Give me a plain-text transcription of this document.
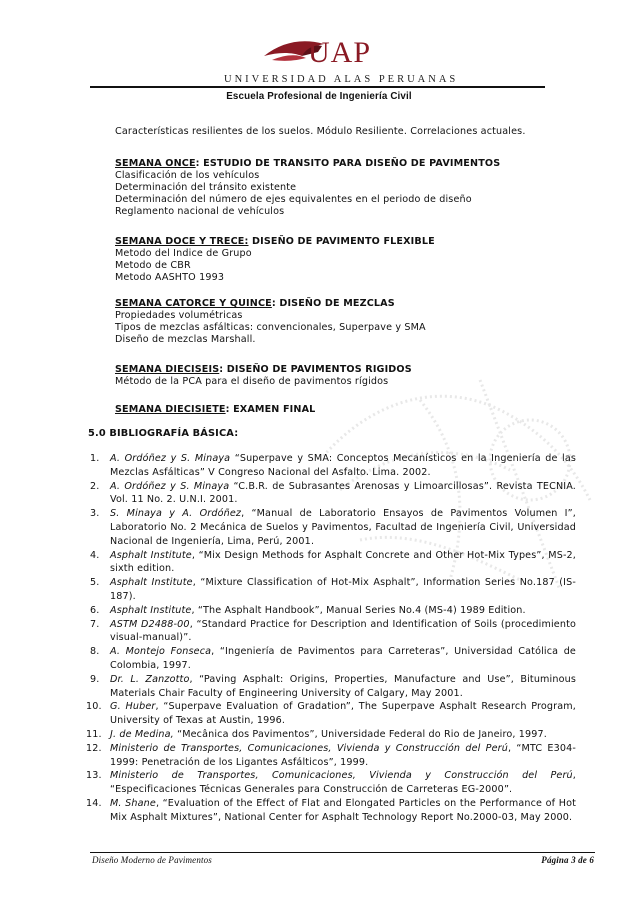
UAP
UNIVERSIDAD ALAS PERUANAS
Escuela Profesional de Ingeniería Civil
Características resilientes de los suelos. Módulo Resiliente. Correlaciones actuales.
SEMANA ONCE: ESTUDIO DE TRANSITO PARA DISEÑO DE PAVIMENTOS
Clasificación de los vehículos
Determinación del tránsito existente
Determinación del número de ejes equivalentes en el periodo de diseño
Reglamento nacional de vehículos
SEMANA DOCE Y TRECE: DISEÑO DE PAVIMENTO FLEXIBLE
Metodo del Indice de Grupo
Metodo de CBR
Metodo AASHTO 1993
SEMANA CATORCE Y QUINCE: DISEÑO DE MEZCLAS
Propiedades volumétricas
Tipos de mezclas asfálticas: convencionales, Superpave y SMA
Diseño de mezclas Marshall.
SEMANA DIECISEIS: DISEÑO DE PAVIMENTOS RIGIDOS
Método de la PCA para el diseño de pavimentos rígidos
SEMANA DIECISIETE: EXAMEN FINAL
5.0 BIBLIOGRAFÍA BÁSICA:
1.	A. Ordóñez y S. Minaya “Superpave y SMA: Conceptos Mecanísticos en la Ingeniería de las Mezclas Asfálticas” V Congreso Nacional del Asfalto. Lima. 2002.
2.	A. Ordóñez y S. Minaya “C.B.R. de Subrasantes Arenosas y Limoarcillosas”. Revista TECNIA. Vol. 11 No. 2. U.N.I. 2001.
3.	S. Minaya y A. Ordóñez, “Manual de Laboratorio Ensayos de Pavimentos Volumen I”, Laboratorio No. 2 Mecánica de Suelos y Pavimentos, Facultad de Ingeniería Civil, Universidad Nacional de Ingeniería, Lima, Perú, 2001.
4.	Asphalt Institute, “Mix Design Methods for Asphalt Concrete and Other Hot-Mix Types”, MS-2, sixth edition.
5.	Asphalt Institute, “Mixture Classification of Hot-Mix Asphalt”, Information Series No.187 (IS-187).
6.	Asphalt Institute, “The Asphalt Handbook”, Manual Series No.4 (MS-4) 1989 Edition.
7.	ASTM D2488-00, “Standard Practice for Description and Identification of Soils (procedimiento visual-manual)”.
8.	A. Montejo Fonseca, “Ingeniería de Pavimentos para Carreteras”, Universidad Católica de Colombia, 1997.
9.	Dr. L. Zanzotto, “Paving Asphalt: Origins, Properties, Manufacture and Use”, Bituminous Materials Chair Faculty of Engineering University of Calgary, May 2001.
10. G. Huber, “Superpave Evaluation of Gradation”, The Superpave Asphalt Research Program, University of Texas at Austin, 1996.
11. J. de Medina, “Mecânica dos Pavimentos”, Universidade Federal do Rio de Janeiro, 1997.
12. Ministerio de Transportes, Comunicaciones, Vivienda y Construcción del Perú, “MTC E304-1999: Penetración de los Ligantes Asfálticos”, 1999.
13. Ministerio de Transportes, Comunicaciones, Vivienda y Construcción del Perú, “Especificaciones Técnicas Generales para Construcción de Carreteras EG-2000”.
14. M. Shane, “Evaluation of the Effect of Flat and Elongated Particles on the Performance of Hot Mix Asphalt Mixtures”, National Center for Asphalt Technology Report No.2000-03, May 2000.
Diseño Moderno de Pavimentos	Página 3 de 6
